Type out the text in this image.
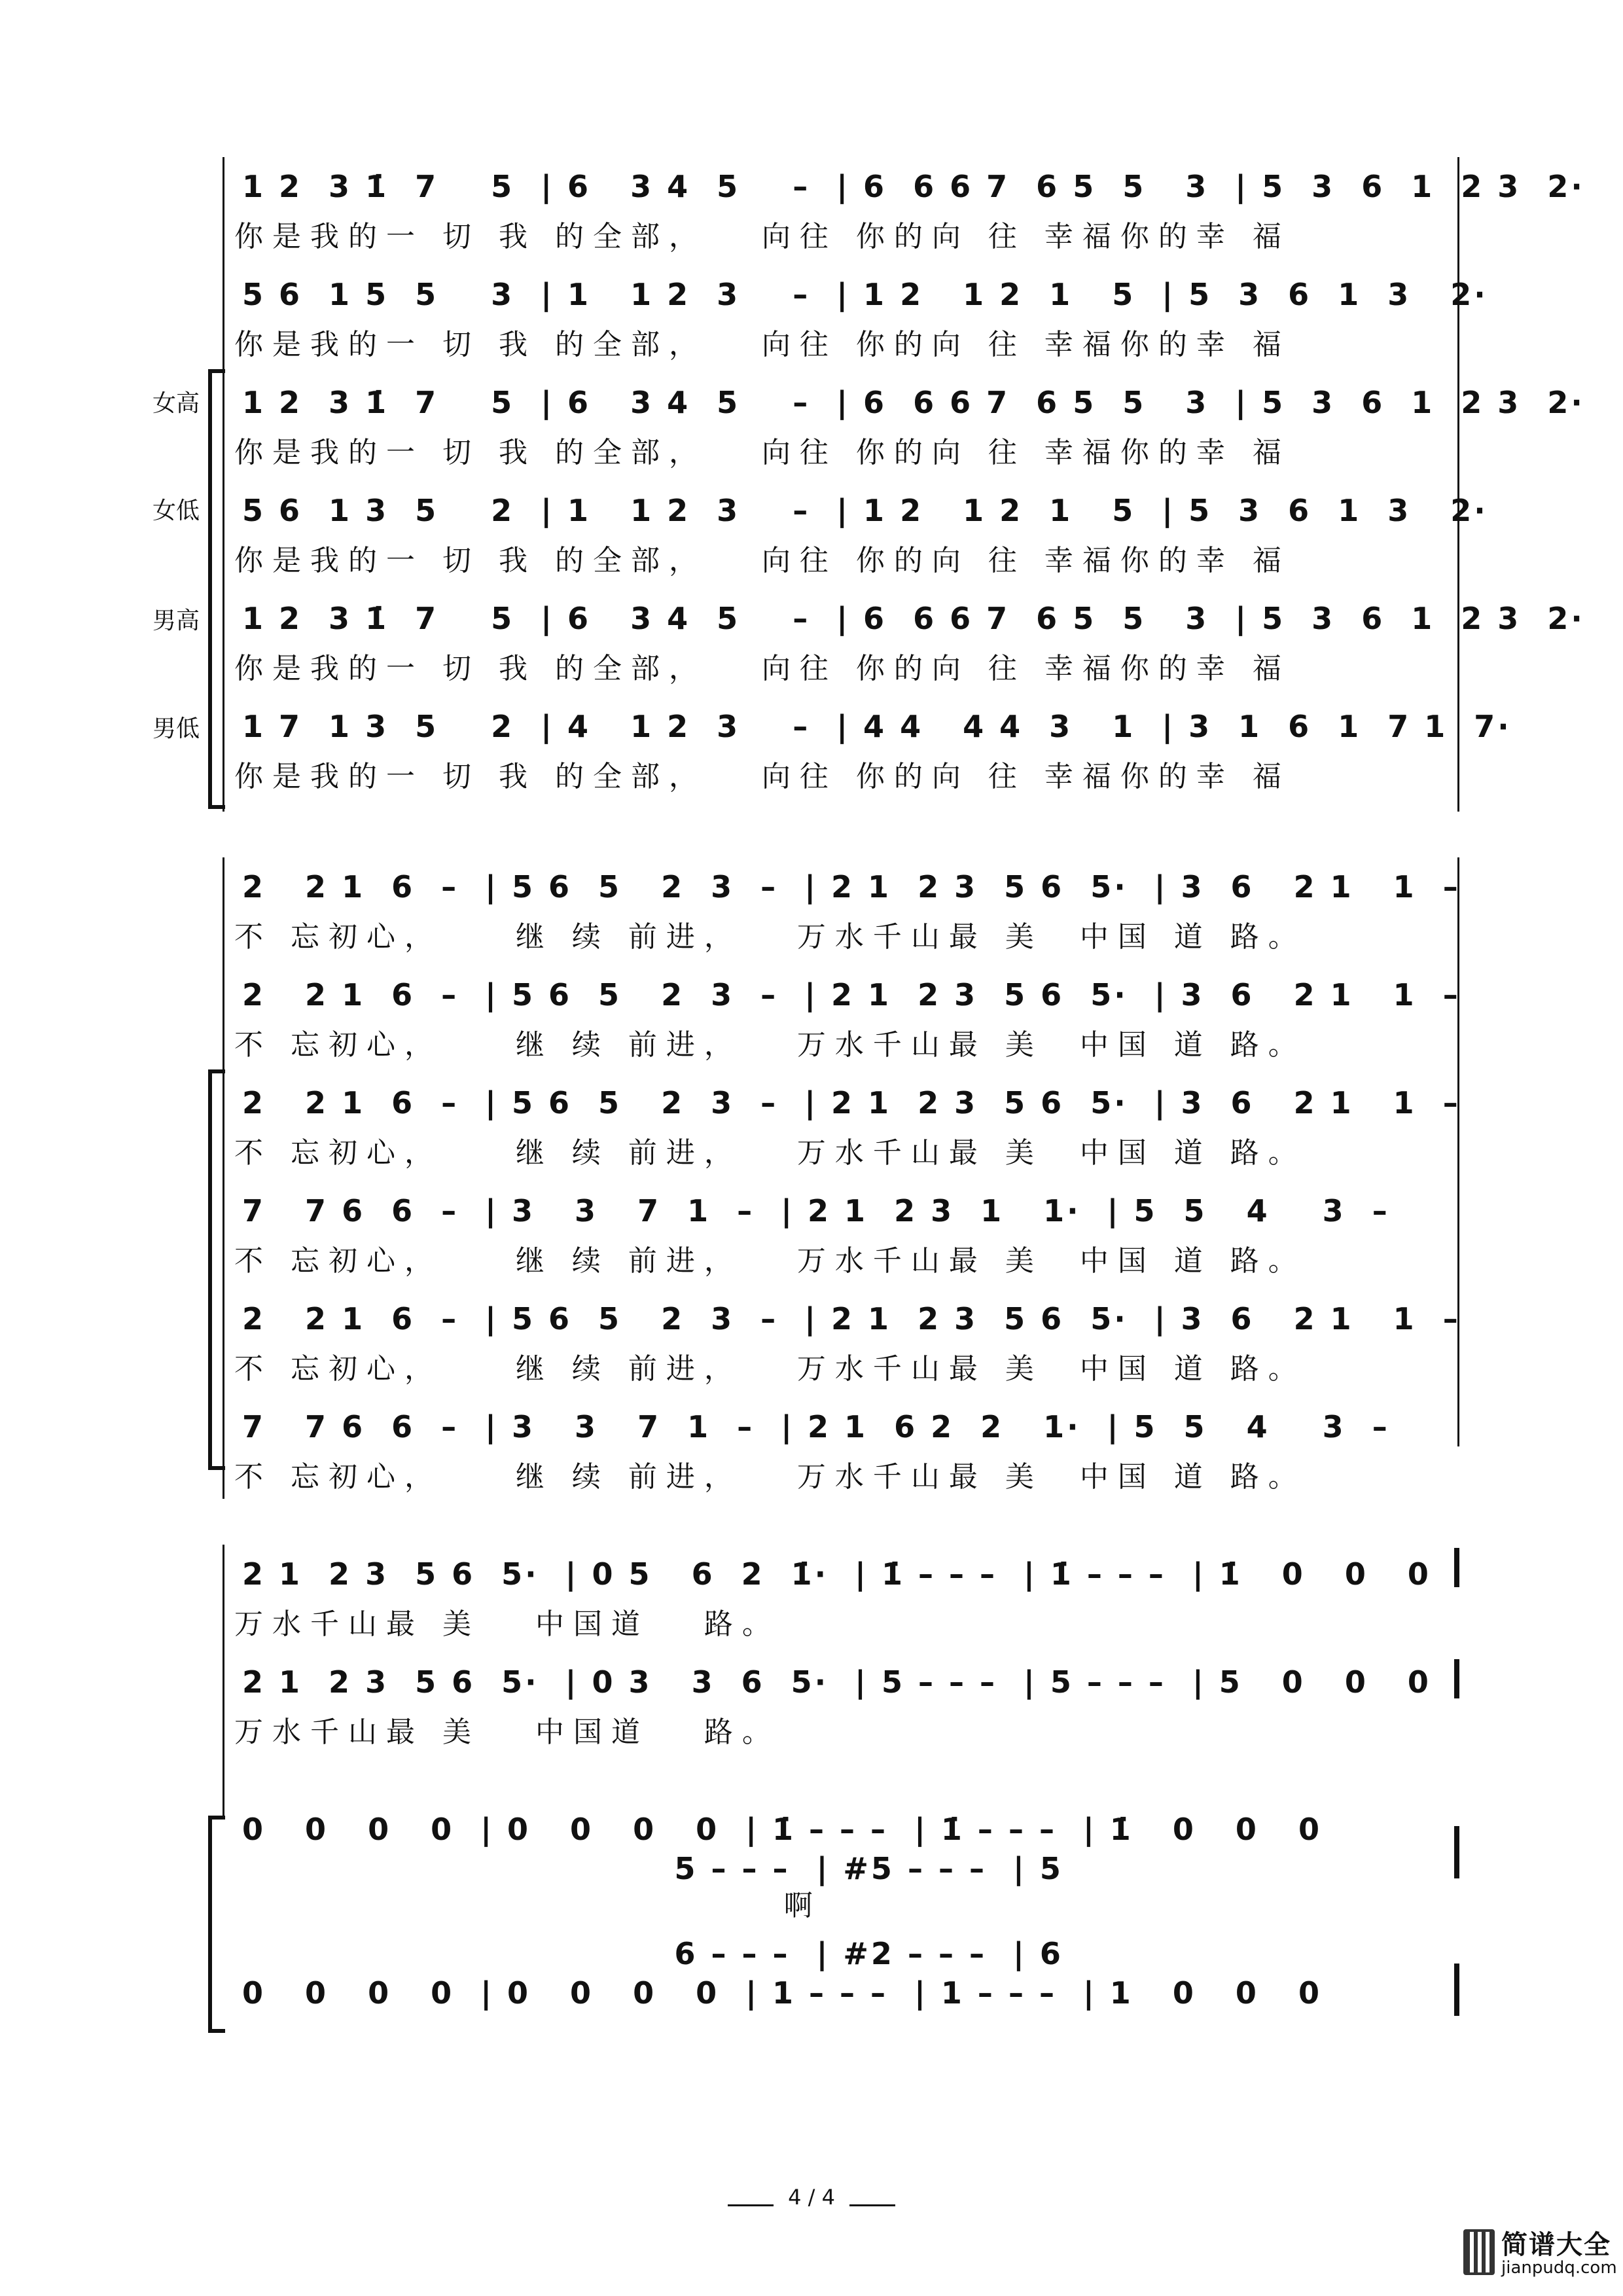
女高
女低
男高
男低
1 2  3 1̇  7    5  | 6   3 4  5    –  | 6  6 6 7  6 5  5   3  | 5  3  6  1  2 3  2·
你是我的一 切 我 的全部，   向往 你的向 往 幸福你的幸 福
5 6  1 5  5    3  | 1   1 2  3    –  | 1 2   1 2  1   5  | 5  3  6  1  3   2·
你是我的一 切 我 的全部，   向往 你的向 往 幸福你的幸 福
1 2  3 1̇  7    5  | 6   3 4  5    –  | 6  6 6 7  6 5  5   3  | 5  3  6  1  2 3  2·
你是我的一 切 我 的全部，   向往 你的向 往 幸福你的幸 福
5 6  1 3  5    2  | 1   1 2  3    –  | 1 2   1 2  1   5  | 5  3  6  1  3   2·
你是我的一 切 我 的全部，   向往 你的向 往 幸福你的幸 福
1 2  3 1̇  7    5  | 6   3 4  5    –  | 6  6 6 7  6 5  5   3  | 5  3  6  1  2 3  2·
你是我的一 切 我 的全部，   向往 你的向 往 幸福你的幸 福
1 7  1 3  5    2  | 4   1 2  3    –  | 4 4   4 4  3   1  | 3  1  6  1  7 1  7·
你是我的一 切 我 的全部，   向往 你的向 往 幸福你的幸 福
2   2 1  6  –  | 5 6  5   2  3  –  | 2 1  2 3  5 6  5·  | 3  6   2 1   1  –
不 忘初心，    继 续 前进，   万水千山最 美  中国 道 路。
2   2 1  6  –  | 5 6  5   2  3  –  | 2 1  2 3  5 6  5·  | 3  6   2 1   1  –
不 忘初心，    继 续 前进，   万水千山最 美  中国 道 路。
2   2 1  6  –  | 5 6  5   2  3  –  | 2 1  2 3  5 6  5·  | 3  6   2 1   1  –
不 忘初心，    继 续 前进，   万水千山最 美  中国 道 路。
7   7 6  6  –  | 3   3   7  1  –  | 2 1  2 3  1   1·  | 5  5   4    3  –
不 忘初心，    继 续 前进，   万水千山最 美  中国 道 路。
2   2 1  6  –  | 5 6  5   2  3  –  | 2 1  2 3  5 6  5·  | 3  6   2 1   1  –
不 忘初心，    继 续 前进，   万水千山最 美  中国 道 路。
7   7 6  6  –  | 3   3   7  1  –  | 2 1  6 2  2   1·  | 5  5   4    3  –
不 忘初心，    继 续 前进，   万水千山最 美  中国 道 路。
2 1  2 3  5 6  5·  | 0 5   6  2  1̇·  | 1̇ – – –  | 1̇ – – –  | 1̇   0   0   0
万水千山最 美   中国道   路。
2 1  2 3  5 6  5·  | 0 3   3  6  5·  | 5 – – –  | 5 – – –  | 5   0   0   0
万水千山最 美   中国道   路。
0   0   0   0  | 0   0   0   0  | 1̇ – – –  | 1̇ – – –  | 1̇   0   0   0
5 – – –  | #5 – – –  | 5
啊
6 – – –  | #2 – – –  | 6
0   0   0   0  | 0   0   0   0  | 1 – – –  | 1 – – –  | 1   0   0   0
4 / 4
简谱大全
jianpudq.com
